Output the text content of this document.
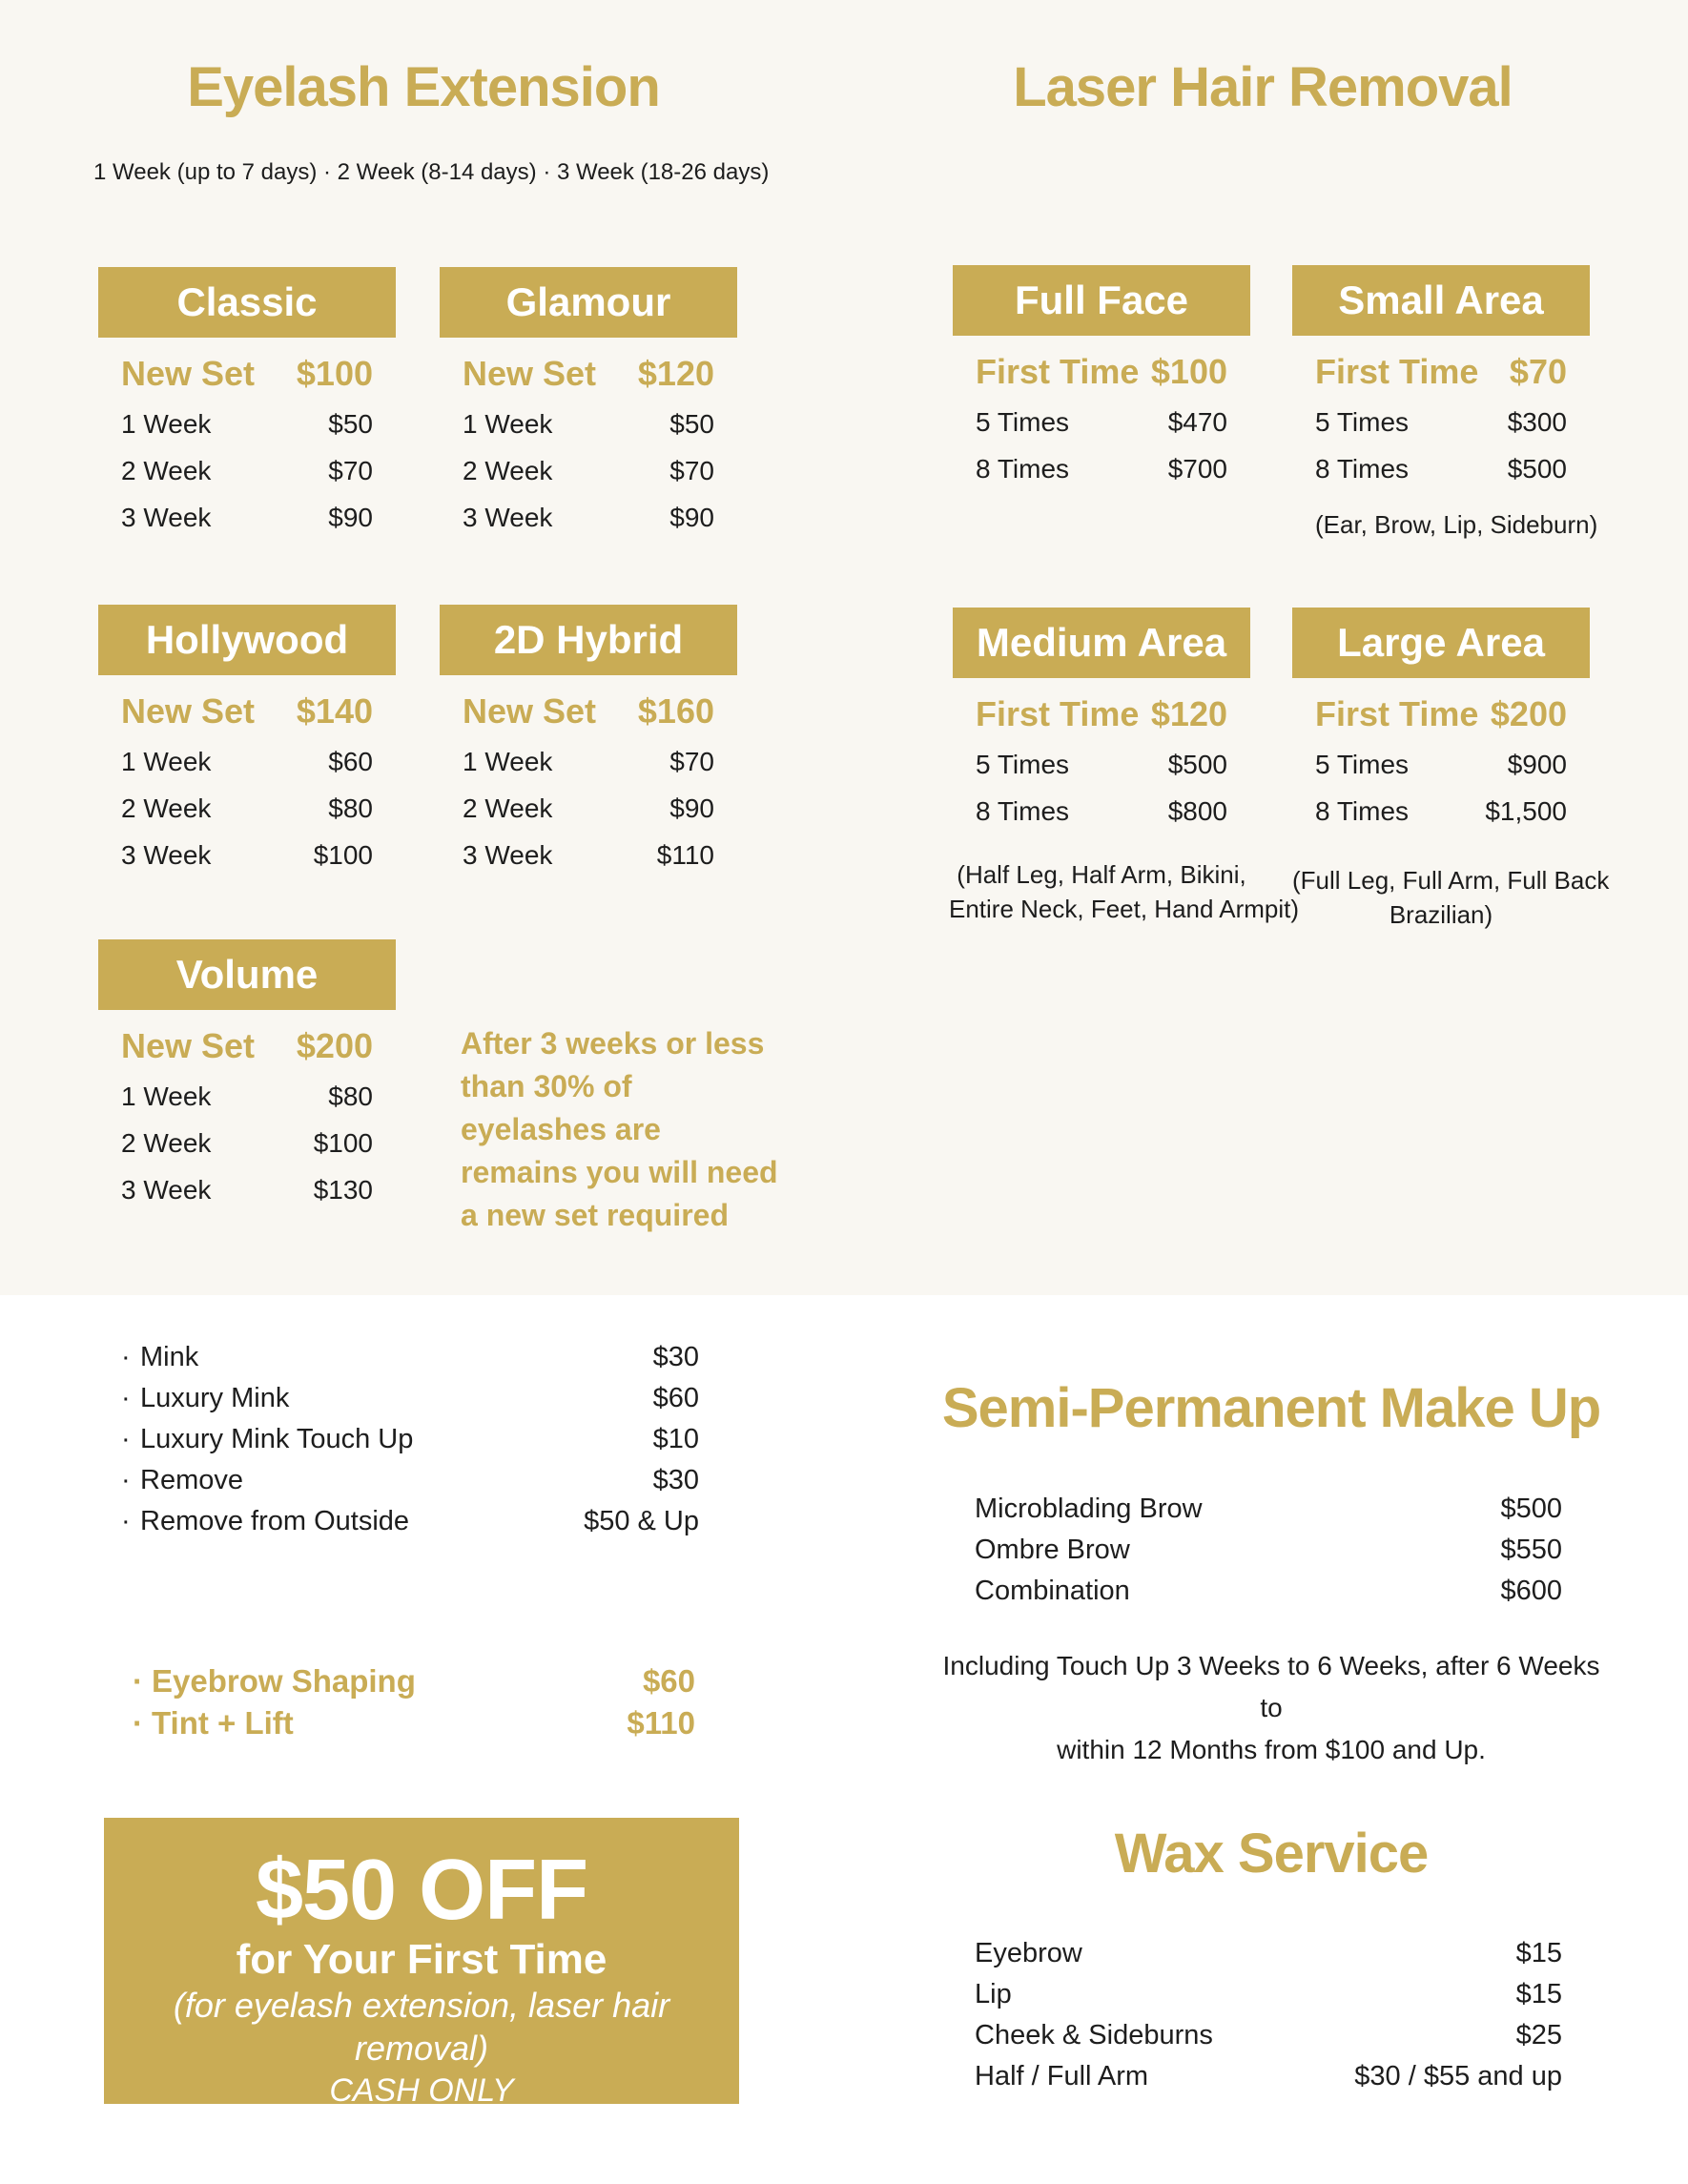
Eyelash Extension
1 Week (up to 7 days) · 2 Week (8-14 days) · 3 Week (18-26 days)
Laser Hair Removal
Classic
New Set $100
1 Week	$50
2 Week	$70
3 Week	$90
Glamour
New Set $120
1 Week	$50
2 Week	$70
3 Week	$90
Hollywood
New Set $140
1 Week	$60
2 Week	$80
3 Week	$100
2D Hybrid
New Set $160
1 Week	$70
2 Week	$90
3 Week	$110
Volume
New Set $200
1 Week	$80
2 Week	$100
3 Week	$130
After 3 weeks or less than 30% of eyelashes are remains you will need a new set required
Full Face
First Time $100
5 Times	$470
8 Times	$700
Small Area
First Time $70
5 Times	$300
8 Times	$500
(Ear, Brow, Lip, Sideburn)
Medium Area
First Time $120
5 Times	$500
8 Times	$800
(Half Leg, Half Arm, Bikini,
Entire Neck, Feet, Hand Armpit)
Large Area
First Time $200
5 Times	$900
8 Times	$1,500
(Full Leg, Full Arm, Full Back
Brazilian)
· Mink	$30
· Luxury Mink	$60
· Luxury Mink Touch Up	$10
· Remove	$30
· Remove from Outside	$50 & Up
· Eyebrow Shaping	$60
· Tint + Lift	$110
$50 OFF
for Your First Time
(for eyelash extension, laser hair removal)
CASH ONLY
Semi-Permanent Make Up
Microblading Brow	$500
Ombre Brow	$550
Combination	$600
Including Touch Up 3 Weeks to 6 Weeks, after 6 Weeks to
within 12 Months from $100 and Up.
Wax Service
Eyebrow	$15
Lip	$15
Cheek & Sideburns	$25
Half / Full Arm	$30 / $55 and up
